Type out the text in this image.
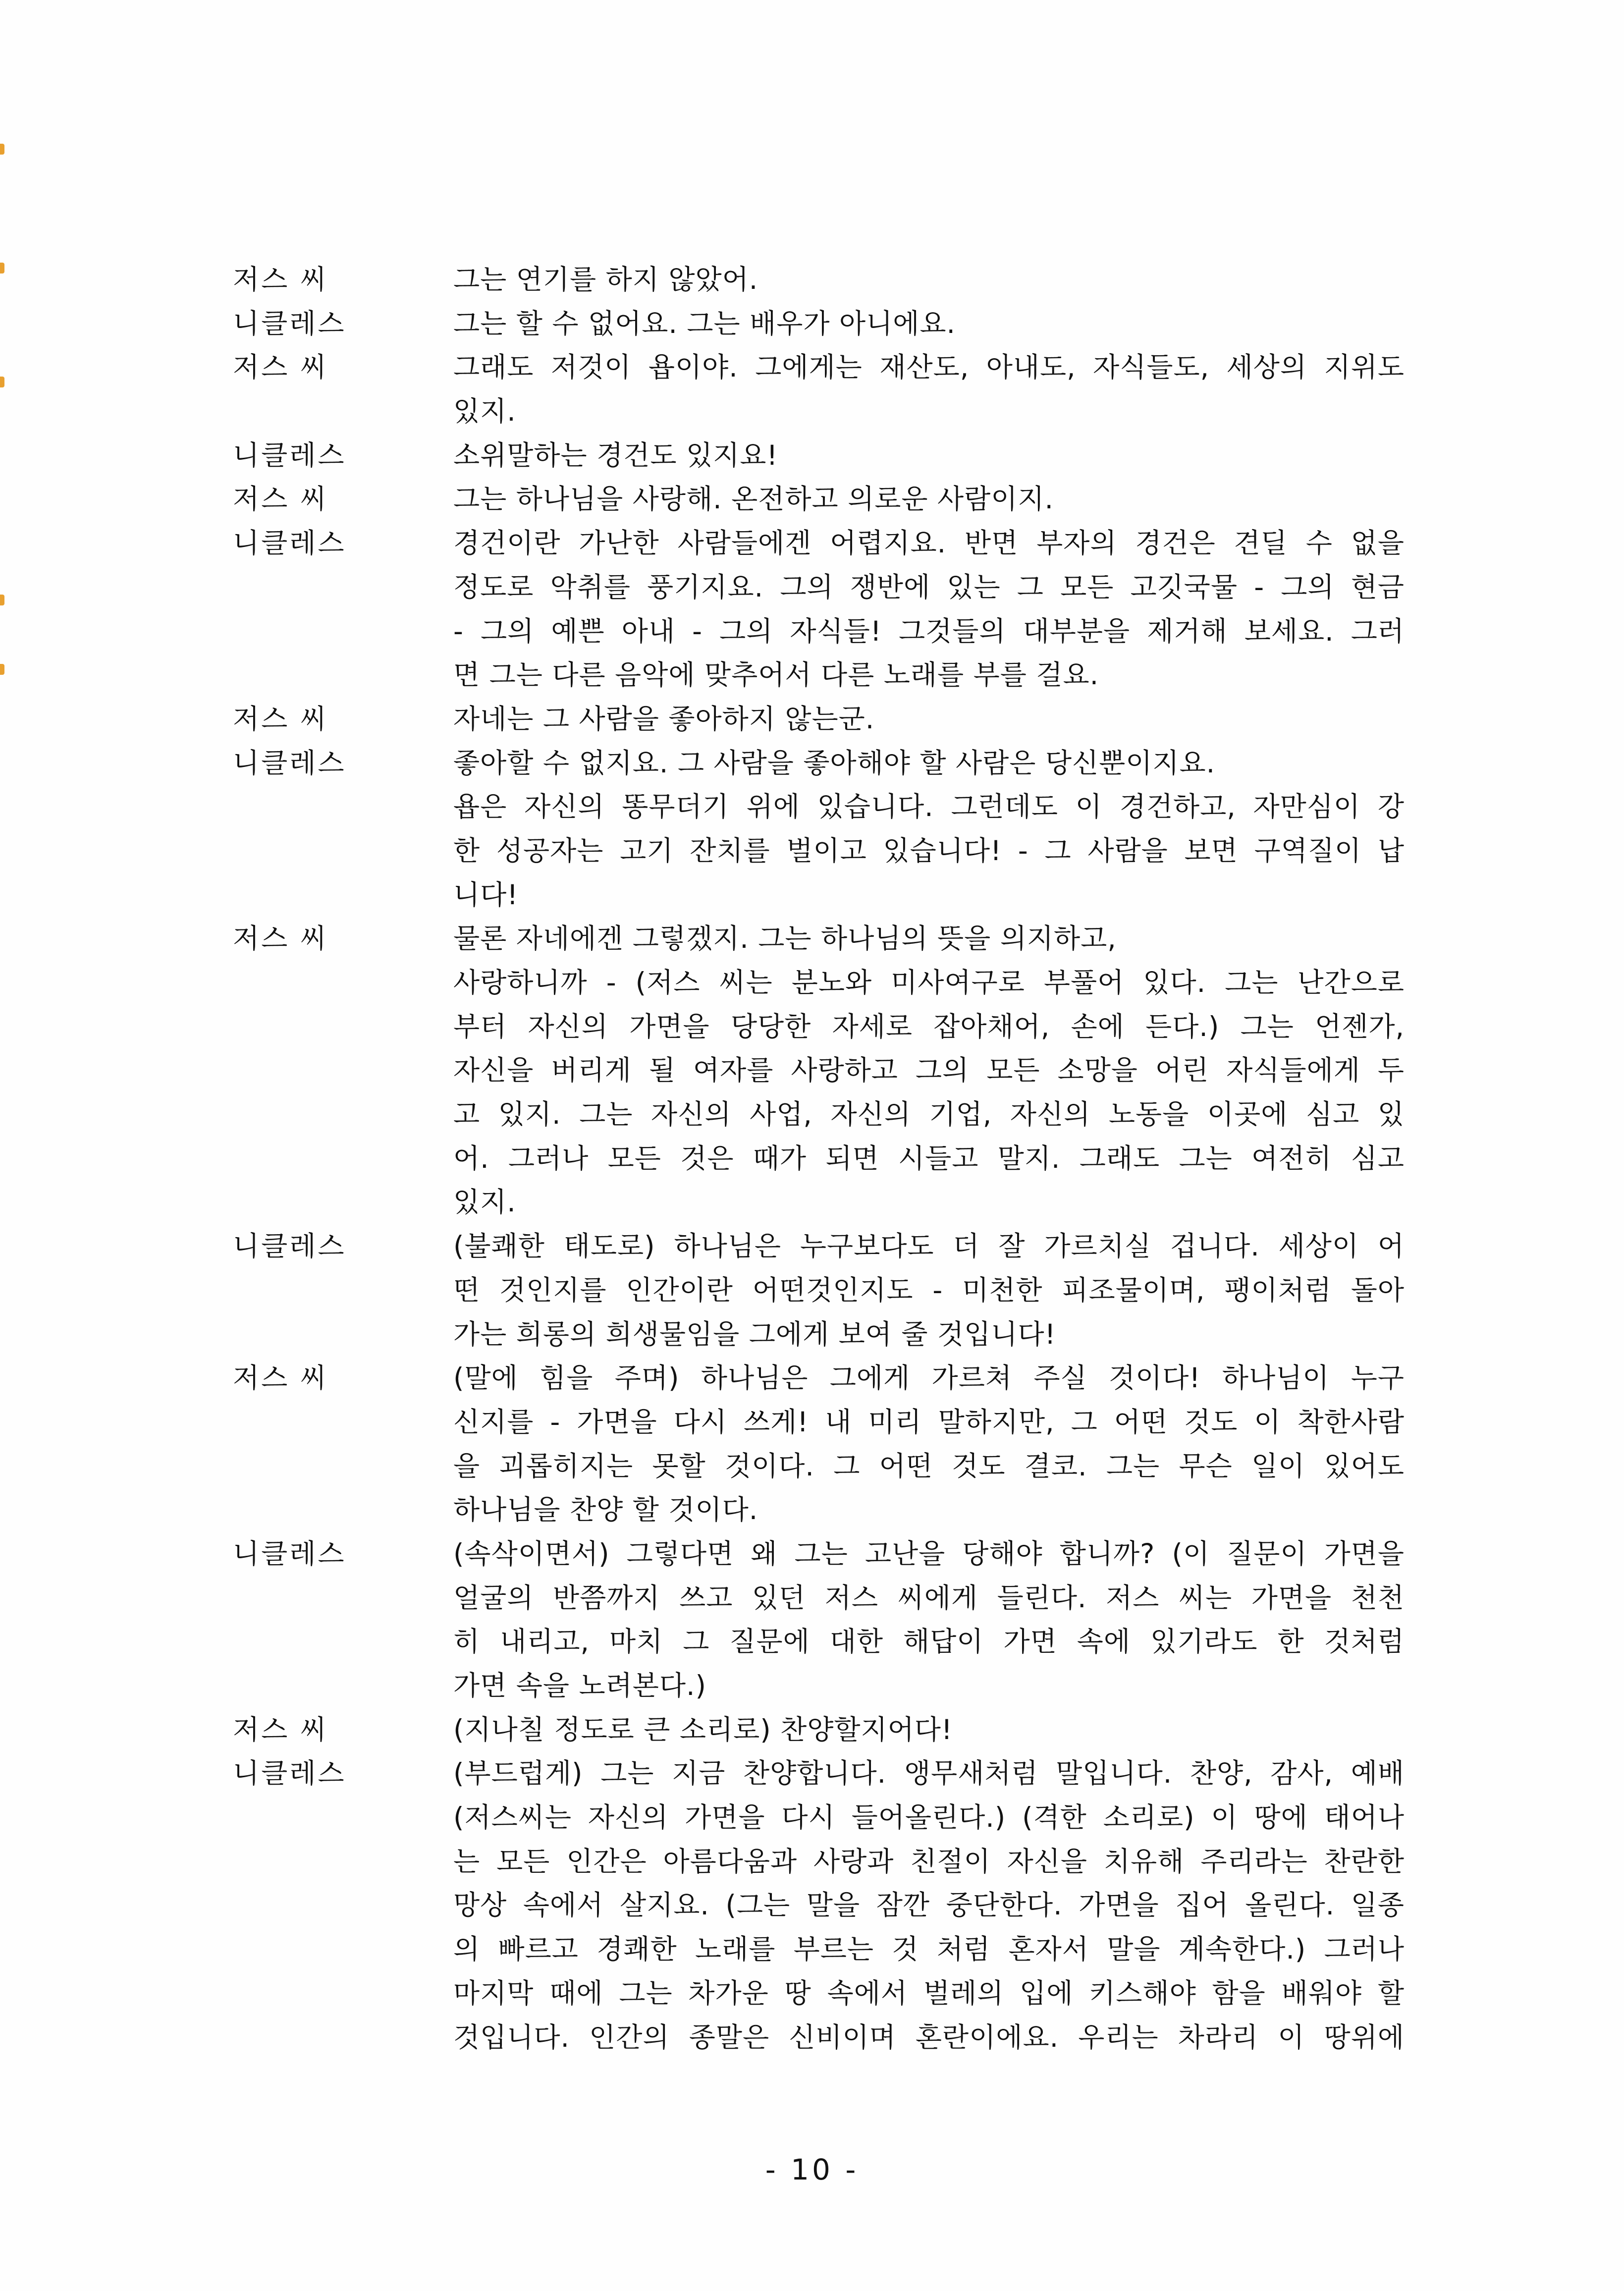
저스 씨	그는 연기를 하지 않았어.
니클레스	그는 할 수 없어요. 그는 배우가 아니에요.
저스 씨	그래도 저것이 욥이야. 그에게는 재산도, 아내도, 자식들도, 세상의 지위도
있지.
니클레스	소위말하는 경건도 있지요!
저스 씨	그는 하나님을 사랑해. 온전하고 의로운 사람이지.
니클레스	경건이란 가난한 사람들에겐 어렵지요. 반면 부자의 경건은 견딜 수 없을
정도로 악취를 풍기지요. 그의 쟁반에 있는 그 모든 고깃국물 - 그의 현금
- 그의 예쁜 아내 - 그의 자식들! 그것들의 대부분을 제거해 보세요. 그러
면 그는 다른 음악에 맞추어서 다른 노래를 부를 걸요.
저스 씨	자네는 그 사람을 좋아하지 않는군.
니클레스	좋아할 수 없지요. 그 사람을 좋아해야 할 사람은 당신뿐이지요.
욥은 자신의 똥무더기 위에 있습니다. 그런데도 이 경건하고, 자만심이 강
한 성공자는 고기 잔치를 벌이고 있습니다! - 그 사람을 보면 구역질이 납
니다!
저스 씨	물론 자네에겐 그렇겠지. 그는 하나님의 뜻을 의지하고,
사랑하니까 - (저스 씨는 분노와 미사여구로 부풀어 있다. 그는 난간으로
부터 자신의 가면을 당당한 자세로 잡아채어, 손에 든다.) 그는 언젠가,
자신을 버리게 될 여자를 사랑하고 그의 모든 소망을 어린 자식들에게 두
고 있지. 그는 자신의 사업, 자신의 기업, 자신의 노동을 이곳에 심고 있
어. 그러나 모든 것은 때가 되면 시들고 말지. 그래도 그는 여전히 심고
있지.
니클레스	(불쾌한 태도로) 하나님은 누구보다도 더 잘 가르치실 겁니다. 세상이 어
떤 것인지를 인간이란 어떤것인지도 - 미천한 피조물이며, 팽이처럼 돌아
가는 희롱의 희생물임을 그에게 보여 줄 것입니다!
저스 씨	(말에 힘을 주며) 하나님은 그에게 가르쳐 주실 것이다! 하나님이 누구
신지를 - 가면을 다시 쓰게! 내 미리 말하지만, 그 어떤 것도 이 착한사람
을 괴롭히지는 못할 것이다. 그 어떤 것도 결코. 그는 무슨 일이 있어도
하나님을 찬양 할 것이다.
니클레스	(속삭이면서) 그렇다면 왜 그는 고난을 당해야 합니까? (이 질문이 가면을
얼굴의 반쯤까지 쓰고 있던 저스 씨에게 들린다. 저스 씨는 가면을 천천
히 내리고, 마치 그 질문에 대한 해답이 가면 속에 있기라도 한 것처럼
가면 속을 노려본다.)
저스 씨	(지나칠 정도로 큰 소리로) 찬양할지어다!
니클레스	(부드럽게) 그는 지금 찬양합니다. 앵무새처럼 말입니다. 찬양, 감사, 예배
(저스씨는 자신의 가면을 다시 들어올린다.) (격한 소리로) 이 땅에 태어나
는 모든 인간은 아름다움과 사랑과 친절이 자신을 치유해 주리라는 찬란한
망상 속에서 살지요. (그는 말을 잠깐 중단한다. 가면을 집어 올린다. 일종
의 빠르고 경쾌한 노래를 부르는 것 처럼 혼자서 말을 계속한다.) 그러나
마지막 때에 그는 차가운 땅 속에서 벌레의 입에 키스해야 함을 배워야 할
것입니다. 인간의 종말은 신비이며 혼란이에요. 우리는 차라리 이 땅위에
- 10 -
